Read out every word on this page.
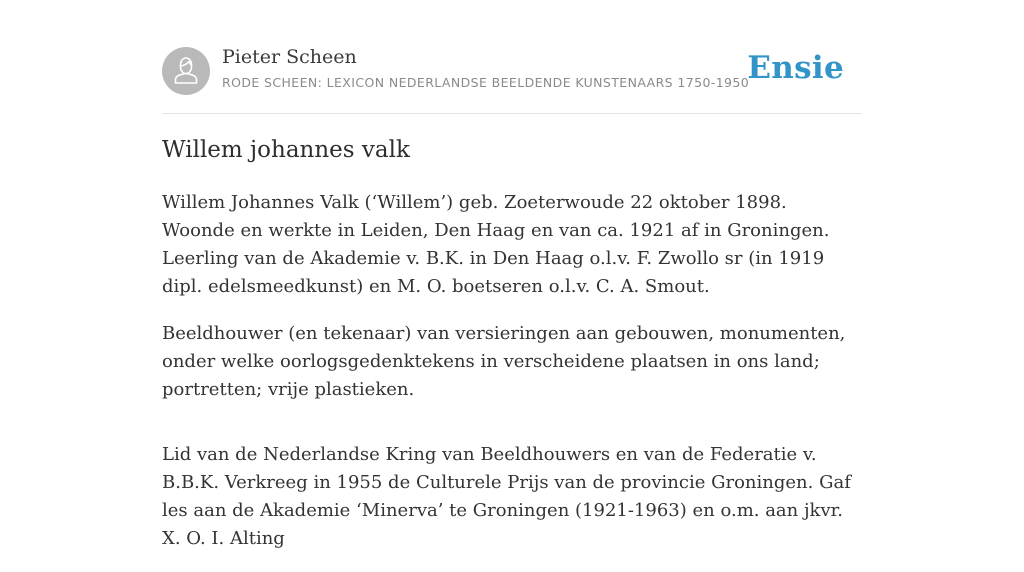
Pieter Scheen
RODE SCHEEN: LEXICON NEDERLANDSE BEELDENDE KUNSTENAARS 1750-1950
Ensie
Willem johannes valk

Willem Johannes Valk (‘Willem’) geb. Zoeterwoude 22 oktober 1898. Woonde en werkte in Leiden, Den Haag en van ca. 1921 af in Groningen. Leerling van de Akademie v. B.K. in Den Haag o.l.v. F. Zwollo sr (in 1919 dipl. edelsmeedkunst) en M. O. boetseren o.l.v. C. A. Smout.

Beeldhouwer (en tekenaar) van versieringen aan gebouwen, monumenten, onder welke oorlogsgedenktekens in verscheidene plaatsen in ons land; portretten; vrije plastieken.

Lid van de Nederlandse Kring van Beeldhouwers en van de Federatie v. B.B.K. Verkreeg in 1955 de Culturele Prijs van de provincie Groningen. Gaf les aan de Akademie ‘Minerva’ te Groningen (1921-1963) en o.m. aan jkvr. X. O. I. Alting
